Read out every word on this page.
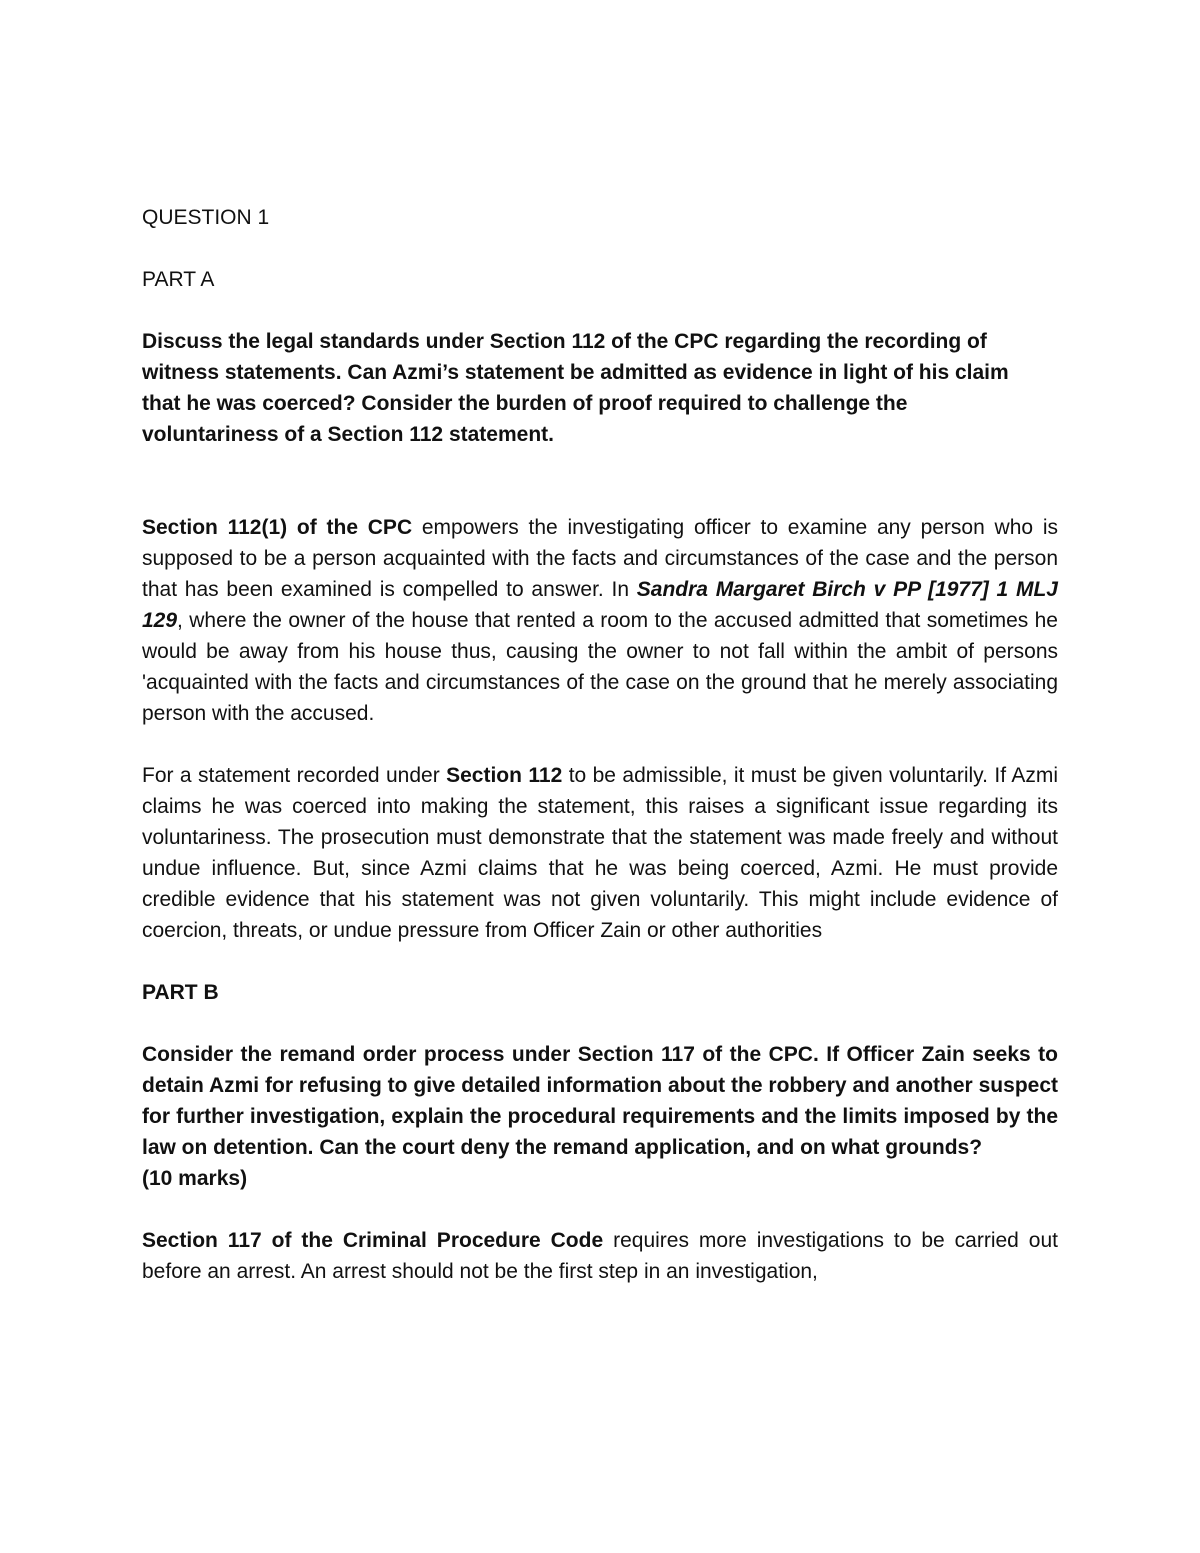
QUESTION 1

PART A

Discuss the legal standards under Section 112 of the CPC regarding the recording of witness statements. Can Azmi’s statement be admitted as evidence in light of his claim that he was coerced? Consider the burden of proof required to challenge the voluntariness of a Section 112 statement.

Section 112(1) of the CPC empowers the investigating officer to examine any person who is supposed to be a person acquainted with the facts and circumstances of the case and the person that has been examined is compelled to answer. In Sandra Margaret Birch v PP [1977] 1 MLJ 129, where the owner of the house that rented a room to the accused admitted that sometimes he would be away from his house thus, causing the owner to not fall within the ambit of persons 'acquainted with the facts and circumstances of the case on the ground that he merely associating person with the accused.

For a statement recorded under Section 112 to be admissible, it must be given voluntarily. If Azmi claims he was coerced into making the statement, this raises a significant issue regarding its voluntariness. The prosecution must demonstrate that the statement was made freely and without undue influence. But, since Azmi claims that he was being coerced, Azmi. He must provide credible evidence that his statement was not given voluntarily. This might include evidence of coercion, threats, or undue pressure from Officer Zain or other authorities

PART B

Consider the remand order process under Section 117 of the CPC. If Officer Zain seeks to detain Azmi for refusing to give detailed information about the robbery and another suspect for further investigation, explain the procedural requirements and the limits imposed by the law on detention. Can the court deny the remand application, and on what grounds?

(10 marks)

Section 117 of the Criminal Procedure Code requires more investigations to be carried out before an arrest. An arrest should not be the first step in an investigation,
